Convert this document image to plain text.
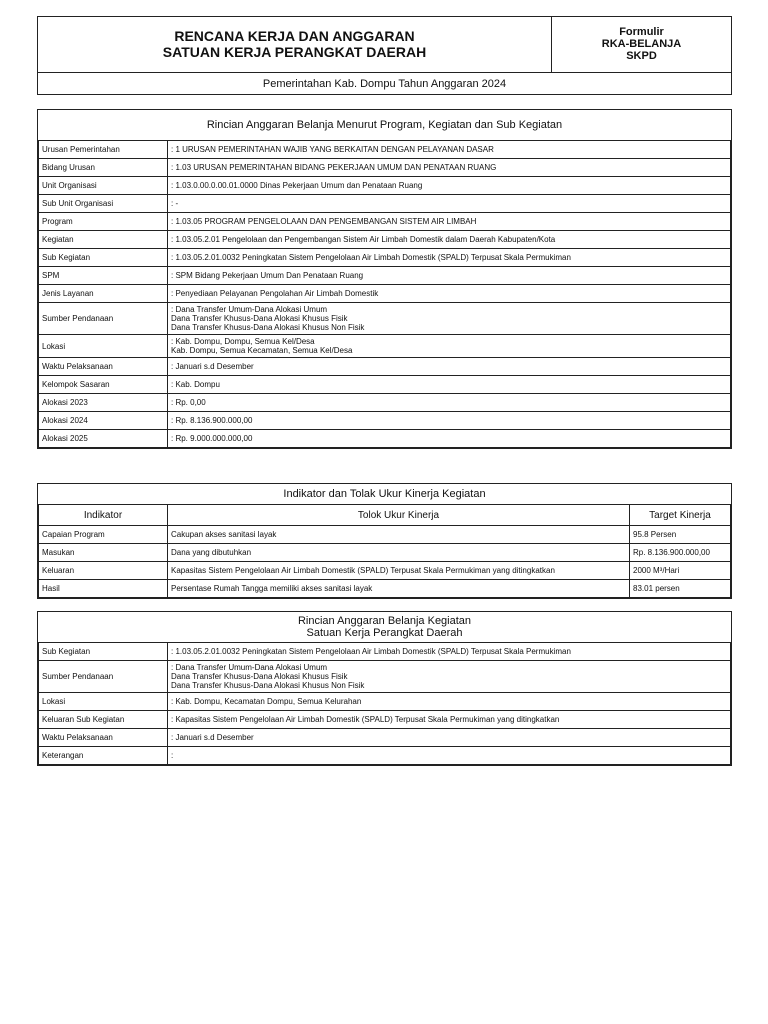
RENCANA KERJA DAN ANGGARAN
SATUAN KERJA PERANGKAT DAERAH
Formulir
RKA-BELANJA
SKPD
Pemerintahan Kab. Dompu Tahun Anggaran 2024
Rincian Anggaran Belanja Menurut Program, Kegiatan dan Sub Kegiatan	
Urusan Pemerintahan	: 1 URUSAN PEMERINTAHAN WAJIB YANG BERKAITAN DENGAN PELAYANAN DASAR
Bidang Urusan	: 1.03 URUSAN PEMERINTAHAN BIDANG PEKERJAAN UMUM DAN PENATAAN RUANG
Unit Organisasi	: 1.03.0.00.0.00.01.0000 Dinas Pekerjaan Umum dan Penataan Ruang
Sub Unit Organisasi	: -
Program	: 1.03.05 PROGRAM PENGELOLAAN DAN PENGEMBANGAN SISTEM AIR LIMBAH
Kegiatan	: 1.03.05.2.01 Pengelolaan dan Pengembangan Sistem Air Limbah Domestik dalam Daerah Kabupaten/Kota
Sub Kegiatan	: 1.03.05.2.01.0032 Peningkatan Sistem Pengelolaan Air Limbah Domestik (SPALD) Terpusat Skala Permukiman
SPM	: SPM Bidang Pekerjaan Umum Dan Penataan Ruang
Jenis Layanan	: Penyediaan Pelayanan Pengolahan Air Limbah Domestik
Sumber Pendanaan	: Dana Transfer Umum-Dana Alokasi Umum
Dana Transfer Khusus-Dana Alokasi Khusus Fisik
Dana Transfer Khusus-Dana Alokasi Khusus Non Fisik

Lokasi	: Kab. Dompu, Dompu, Semua Kel/Desa
Kab. Dompu, Semua Kecamatan, Semua Kel/Desa

Waktu Pelaksanaan	: Januari s.d Desember
Kelompok Sasaran	: Kab. Dompu
Alokasi 2023	: Rp. 0,00
Alokasi 2024	: Rp. 8.136.900.000,00
Alokasi 2025	: Rp. 9.000.000.000,00
Indikator dan Tolak Ukur Kinerja Kegiatan		
Indikator	Tolok Ukur Kinerja	Target Kinerja
Capaian Program	Cakupan akses sanitasi layak	95.8 Persen
Masukan	Dana yang dibutuhkan	Rp. 8.136.900.000,00
Keluaran	Kapasitas Sistem Pengelolaan Air Limbah Domestik (SPALD) Terpusat Skala Permukiman yang ditingkatkan	2000 M³/Hari
Hasil	Persentase Rumah Tangga memiliki akses sanitasi layak	83.01 persen
Rincian Anggaran Belanja Kegiatan
Satuan Kerja Perangkat Daerah	

Sub Kegiatan	: 1.03.05.2.01.0032 Peningkatan Sistem Pengelolaan Air Limbah Domestik (SPALD) Terpusat Skala Permukiman
Sumber Pendanaan	: Dana Transfer Umum-Dana Alokasi Umum
Dana Transfer Khusus-Dana Alokasi Khusus Fisik
Dana Transfer Khusus-Dana Alokasi Khusus Non Fisik

Lokasi	: Kab. Dompu, Kecamatan Dompu, Semua Kelurahan
Keluaran Sub Kegiatan	: Kapasitas Sistem Pengelolaan Air Limbah Domestik (SPALD) Terpusat Skala Permukiman yang ditingkatkan
Waktu Pelaksanaan	: Januari s.d Desember
Keterangan	:
